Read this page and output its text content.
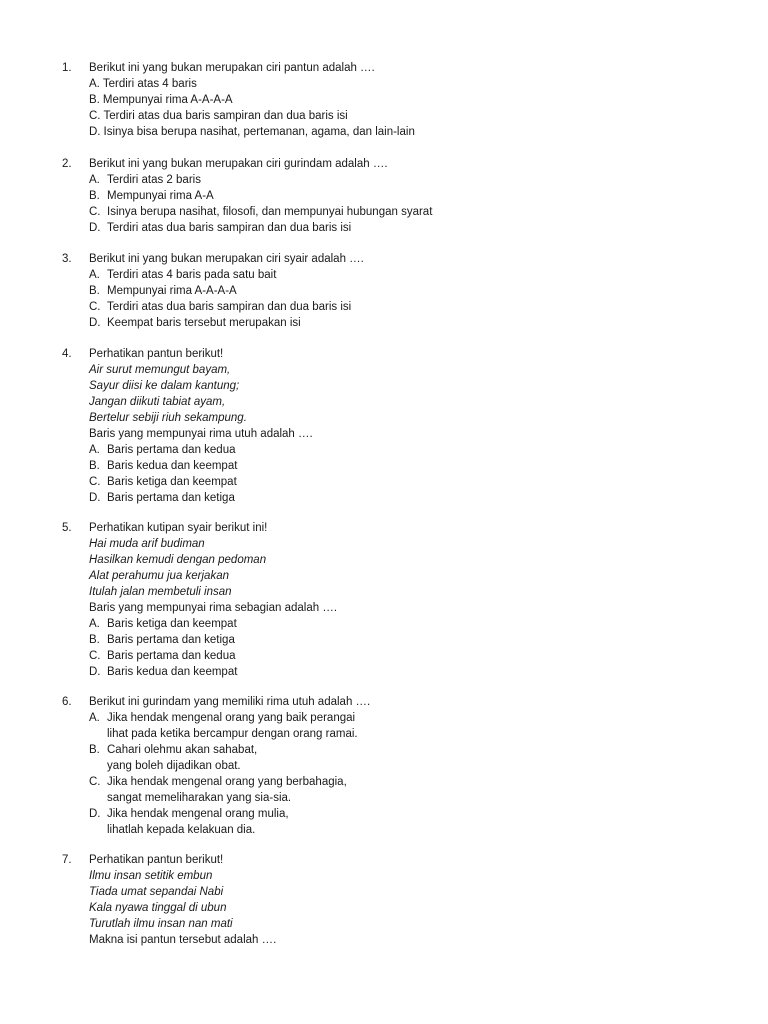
1. Berikut ini yang bukan merupakan ciri pantun adalah ….
A. Terdiri atas 4 baris
B. Mempunyai rima A-A-A-A
C. Terdiri atas dua baris sampiran dan dua baris isi
D. Isinya bisa berupa nasihat, pertemanan, agama, dan lain-lain
2. Berikut ini yang bukan merupakan ciri gurindam adalah ….
A. Terdiri atas 2 baris
B. Mempunyai rima A-A
C. Isinya berupa nasihat, filosofi, dan mempunyai hubungan syarat
D. Terdiri atas dua baris sampiran dan dua baris isi
3. Berikut ini yang bukan merupakan ciri syair adalah ….
A. Terdiri atas 4 baris pada satu bait
B. Mempunyai rima A-A-A-A
C. Terdiri atas dua baris sampiran dan dua baris isi
D. Keempat baris tersebut merupakan isi
4. Perhatikan pantun berikut!
Air surut memungut bayam,
Sayur diisi ke dalam kantung;
Jangan diikuti tabiat ayam,
Bertelur sebiji riuh sekampung.
Baris yang mempunyai rima utuh adalah ….
A. Baris pertama dan kedua
B. Baris kedua dan keempat
C. Baris ketiga dan keempat
D. Baris pertama dan ketiga
5. Perhatikan kutipan syair berikut ini!
Hai muda arif budiman
Hasilkan kemudi dengan pedoman
Alat perahumu jua kerjakan
Itulah jalan membetuli insan
Baris yang mempunyai rima sebagian adalah ….
A. Baris ketiga dan keempat
B. Baris pertama dan ketiga
C. Baris pertama dan kedua
D. Baris kedua dan keempat
6. Berikut ini gurindam yang memiliki rima utuh adalah ….
A. Jika hendak mengenal orang yang baik perangai
lihat pada ketika bercampur dengan orang ramai.
B. Cahari olehmu akan sahabat,
yang boleh dijadikan obat.
C. Jika hendak mengenal orang yang berbahagia,
sangat memeliharakan yang sia-sia.
D. Jika hendak mengenal orang mulia,
lihatlah kepada kelakuan dia.
7. Perhatikan pantun berikut!
Ilmu insan setitik embun
Tiada umat sepandai Nabi
Kala nyawa tinggal di ubun
Turutlah ilmu insan nan mati
Makna isi pantun tersebut adalah ….
